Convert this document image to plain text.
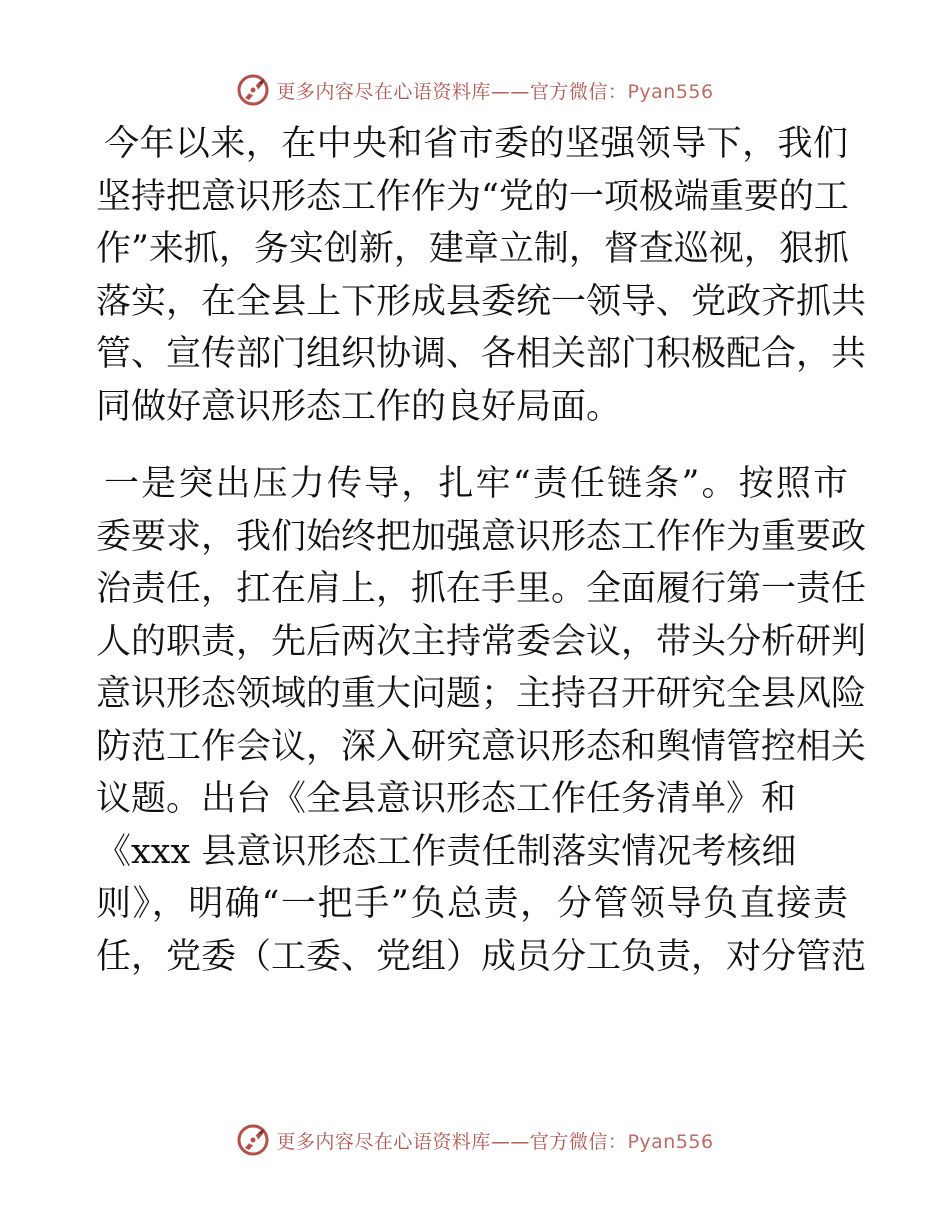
更多内容尽在心语资料库——官方微信：Pyan556
今年以来，在中央和省市委的坚强领导下，我们
坚持把意识形态工作作为“党的一项极端重要的工
作”来抓，务实创新，建章立制，督查巡视，狠抓
落实，在全县上下形成县委统一领导、党政齐抓共
管、宣传部门组织协调、各相关部门积极配合，共
同做好意识形态工作的良好局面。
一是突出压力传导，扎牢“责任链条”。按照市
委要求，我们始终把加强意识形态工作作为重要政
治责任，扛在肩上，抓在手里。全面履行第一责任
人的职责，先后两次主持常委会议，带头分析研判
意识形态领域的重大问题；主持召开研究全县风险
防范工作会议，深入研究意识形态和舆情管控相关
议题。出台《全县意识形态工作任务清单》和
《xxx 县意识形态工作责任制落实情况考核细
则》，明确“一把手”负总责，分管领导负直接责
任，党委（工委、党组）成员分工负责，对分管范
更多内容尽在心语资料库——官方微信：Pyan556
